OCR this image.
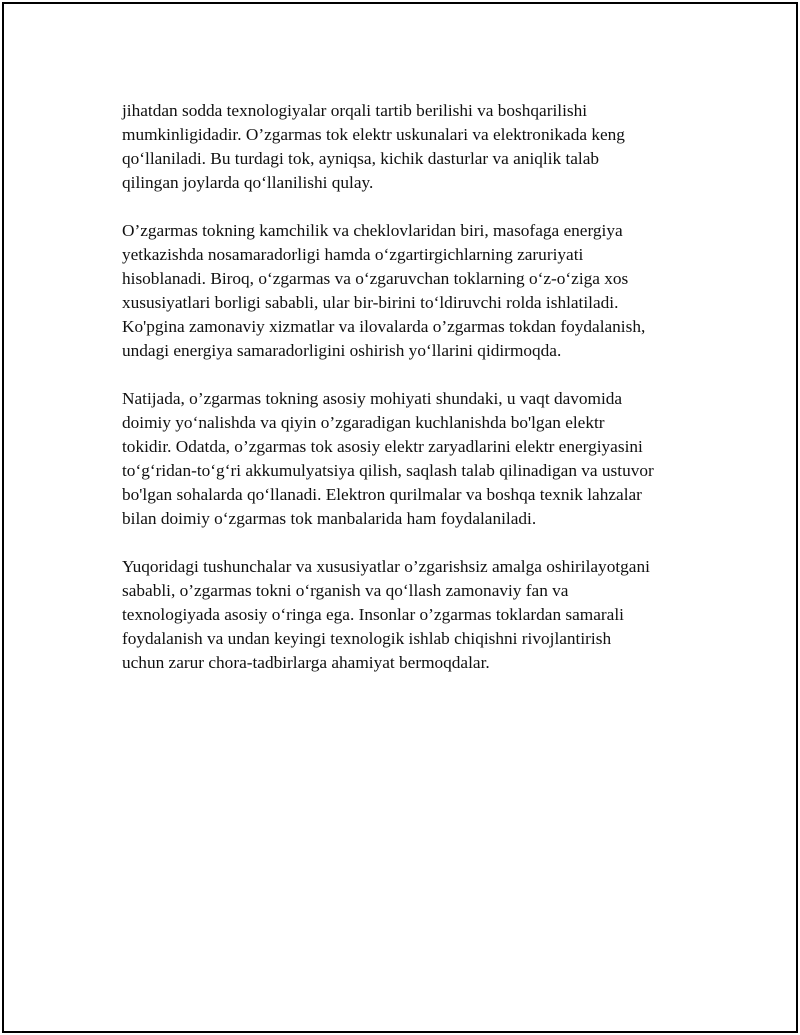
jihatdan sodda texnologiyalar orqali tartib berilishi va boshqarilishi
mumkinligidadir. O’zgarmas tok elektr uskunalari va elektronikada keng
qo‘llaniladi. Bu turdagi tok, ayniqsa, kichik dasturlar va aniqlik talab
qilingan joylarda qo‘llanilishi qulay.

O’zgarmas tokning kamchilik va cheklovlaridan biri, masofaga energiya
yetkazishda nosamaradorligi hamda o‘zgartirgichlarning zaruriyati
hisoblanadi. Biroq, o‘zgarmas va o‘zgaruvchan toklarning o‘z-o‘ziga xos
xususiyatlari borligi sababli, ular bir-birini to‘ldiruvchi rolda ishlatiladi.
Ko'pgina zamonaviy xizmatlar va ilovalarda o’zgarmas tokdan foydalanish,
undagi energiya samaradorligini oshirish yo‘llarini qidirmoqda.

Natijada, o’zgarmas tokning asosiy mohiyati shundaki, u vaqt davomida
doimiy yo‘nalishda va qiyin o’zgaradigan kuchlanishda bo'lgan elektr
tokidir. Odatda, o’zgarmas tok asosiy elektr zaryadlarini elektr energiyasini
to‘g‘ridan-to‘g‘ri akkumulyatsiya qilish, saqlash talab qilinadigan va ustuvor
bo'lgan sohalarda qo‘llanadi. Elektron qurilmalar va boshqa texnik lahzalar
bilan doimiy o‘zgarmas tok manbalarida ham foydalaniladi.

Yuqoridagi tushunchalar va xususiyatlar o’zgarishsiz amalga oshirilayotgani
sababli, o’zgarmas tokni o‘rganish va qo‘llash zamonaviy fan va
texnologiyada asosiy o‘ringa ega. Insonlar o’zgarmas toklardan samarali
foydalanish va undan keyingi texnologik ishlab chiqishni rivojlantirish
uchun zarur chora-tadbirlarga ahamiyat bermoqdalar.
